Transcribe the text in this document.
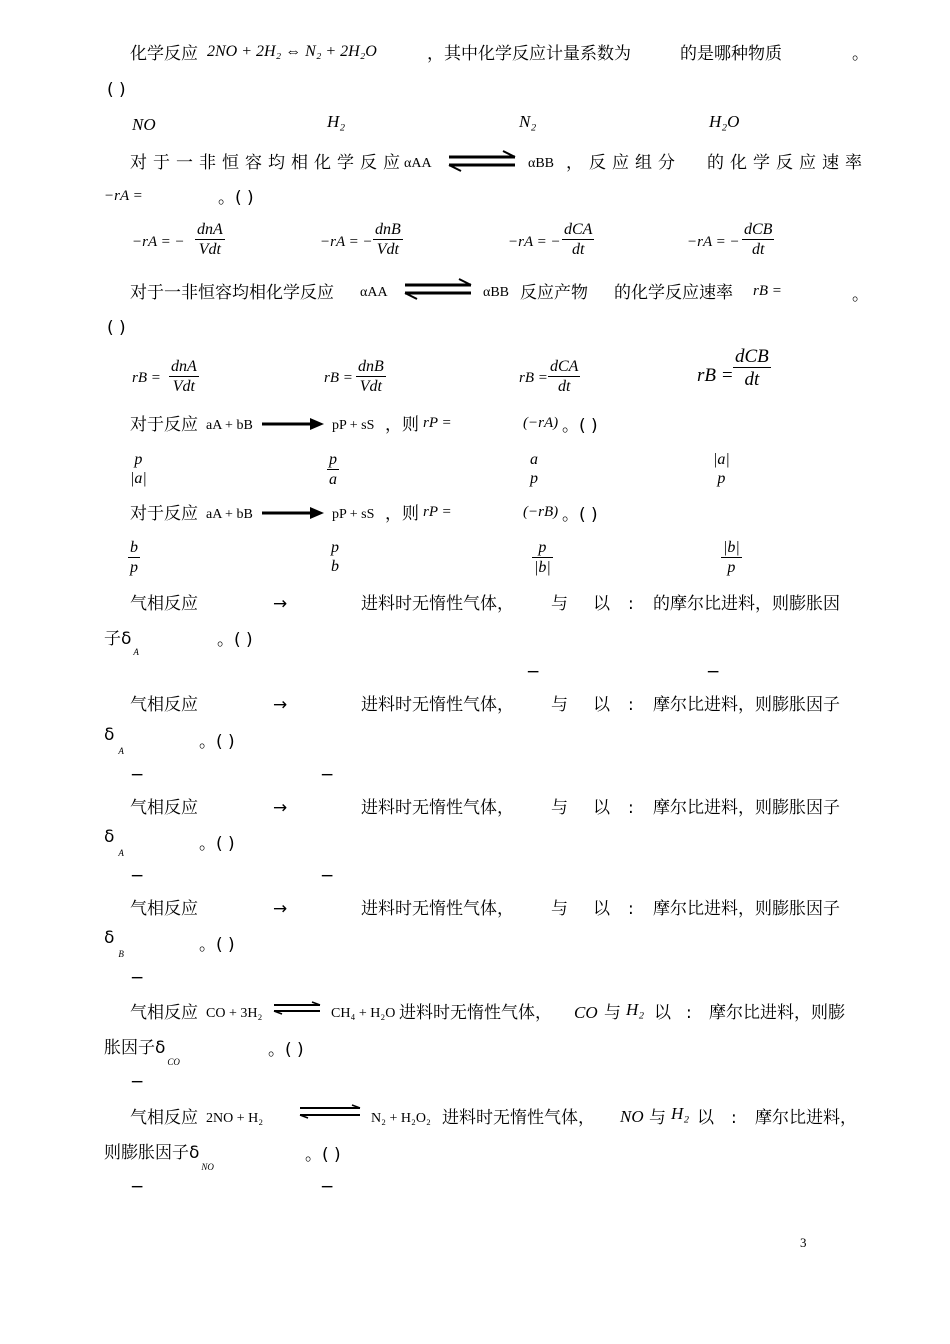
化学反应 2NO + 2H₂ ⇔ N₂ + 2H₂O	，其中化学反应计量系数为	的是哪种物质	。
( )
NO	H₂	N₂	H₂O
对于一非恒容均相化学反应
αAA	αBB ，反应组分 的化学反应速率
−rA =	。( )
−rA = −
dnA
Vdt	−rA = −
dnB
Vdt	−rA = −
dCA
dt	−rA = −
dCB
dt
对于一非恒容均相化学反应 αAA	αBB 反应产物 的化学反应速率 rB =	。
( )
rB =
dnA
Vdt	rB =
dnB
Vdt	rB =
dCA
dt
rB =
dCB
dt
对于反应 aA + bB → pP + sS ，则 rP =	(−rA) 。( )
p
|a|	$\frac{p}{a}$	a
p
|a|
p
对于反应 aA + bB → pP + sS ，则 rP =	(−rB) 。( )
$\frac{b}{p}$	p
b	$\frac{p}{|b|}$	$\frac{|b|}{p}$
气相反应	→	进料时无惰性气体， 与 以 : 的摩尔比进料，则膨胀因
子$\delta_A$
。( )
−	−
气相反应	→	进料时无惰性气体， 与 以 : 摩尔比进料，则膨胀因子
$\delta_A$	。( )
−	−
气相反应	→	进料时无惰性气体， 与 以 : 摩尔比进料，则膨胀因子
$\delta_A$	。( )
−	−
气相反应	→	进料时无惰性气体， 与 以 : 摩尔比进料，则膨胀因子
$\delta_B$	。( )
−
气相反应 CO + 3H₂ ⇌ CH₄ + H₂O 进料时无惰性气体， CO 与 H₂ 以 : 摩尔比进料，则膨
胀因子$\delta_{CO}$
。( )
−
气相反应 2NO + H₂	N₂ + H₂O₂ 进料时无惰性气体， NO 与 H₂ 以 : 摩尔比进料，
则膨胀因子$\delta_{NO}$
。( )
−	−
3
